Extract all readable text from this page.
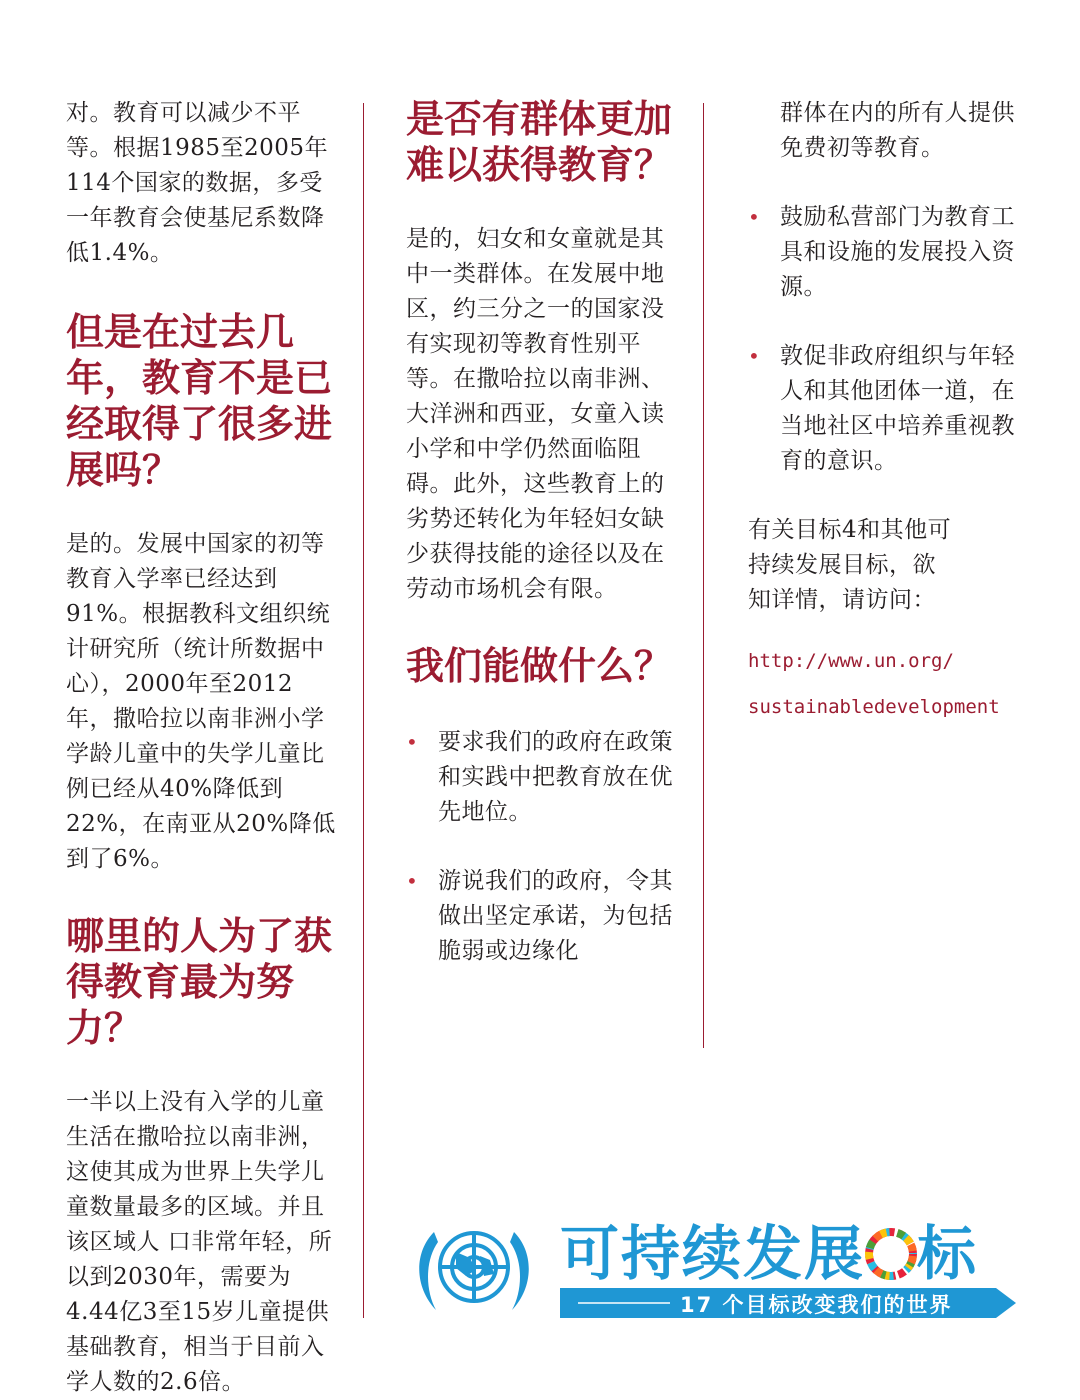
对。教育可以减少不平等。根据1985至2005年114个国家的数据，多受一年教育会使基尼系数降低1.4%。

但是在过去几年，教育不是已经取得了很多进展吗？

是的。发展中国家的初等教育入学率已经达到91%。根据教科文组织统计研究所（统计所数据中心），2000年至2012年，撒哈拉以南非洲小学学龄儿童中的失学儿童比例已经从40%降低到22%，在南亚从20%降低到了6%。

哪里的人为了获得教育最为努力？

一半以上没有入学的儿童生活在撒哈拉以南非洲，这使其成为世界上失学儿童数量最多的区域。并且该区域人 口非常年轻，所以到2030年，需要为4.44亿3至15岁儿童提供基础教育，相当于目前入学人数的2.6倍。

是否有群体更加难以获得教育？

是的，妇女和女童就是其中一类群体。在发展中地区，约三分之一的国家没有实现初等教育性别平等。在撒哈拉以南非洲、大洋洲和西亚，女童入读小学和中学仍然面临阻碍。此外，这些教育上的劣势还转化为年轻妇女缺少获得技能的途径以及在劳动市场机会有限。

我们能做什么？
• 要求我们的政府在政策和实践中把教育放在优先地位。
• 游说我们的政府，令其做出坚定承诺，为包括脆弱或边缘化
群体在内的所有人提供免费初等教育。
• 鼓励私营部门为教育工具和设施的发展投入资源。
• 敦促非政府组织与年轻人和其他团体一道，在当地社区中培养重视教育的意识。

有关目标4和其他可持续发展目标，欲知详情，请访问：

http://www.un.org/
sustainabledevelopment
可持续发展 标
17 个目标改变我们的世界
